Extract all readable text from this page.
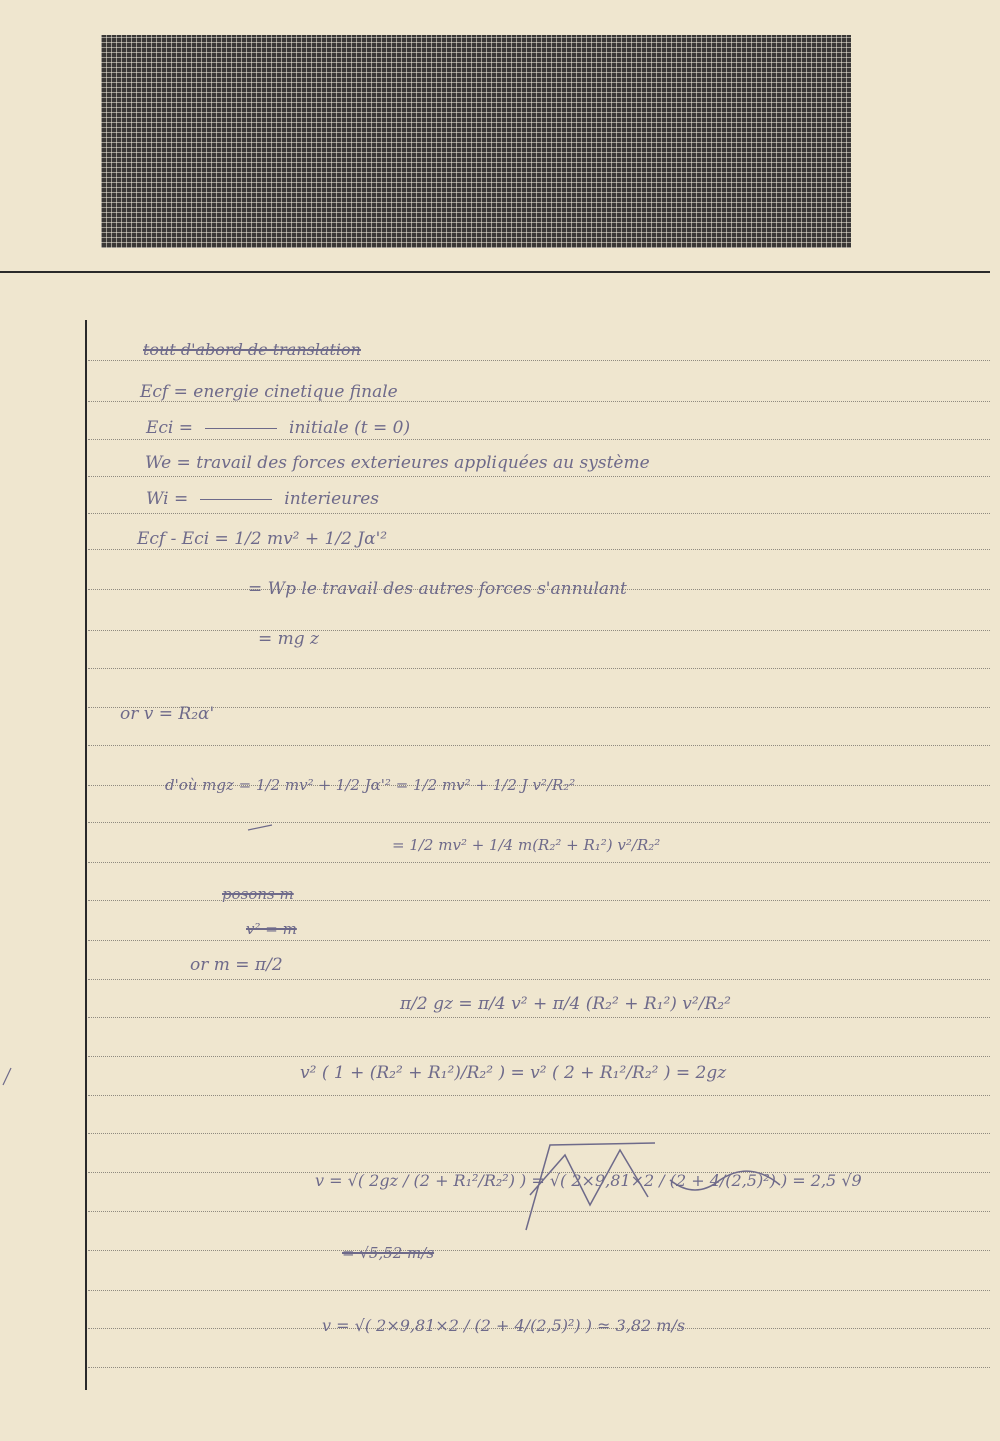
tout d'abord de translation
Ecf = energie cinetique finale
Eci =	initiale (t = 0)
We = travail des forces exterieures appliquées au système
Wi =	interieures
Ecf - Eci = 1/2 mv² + 1/2 Jα'²
= Wp le travail des autres forces s'annulant
= mg z
or v = R₂α'
d'où mgz = 1/2 mv² + 1/2 Jα'² = 1/2 mv² + 1/2 J v²/R₂²
= 1/2 mv² + 1/4 m(R₂² + R₁²) v²/R₂²
posons m
v² = m
or m = π/2
π/2 gz = π/4 v² + π/4 (R₂² + R₁²) v²/R₂²
v² ( 1 + (R₂² + R₁²)/R₂² ) = v² ( 2 + R₁²/R₂² ) = 2gz
v = √( 2gz / (2 + R₁²/R₂²) ) = √( 2×9,81×2 / (2 + 4/(2,5)²) ) = 2,5 √9
= √5,52 m/s
v = √( 2×9,81×2 / (2 + 4/(2,5)²) ) ≃ 3,82 m/s
